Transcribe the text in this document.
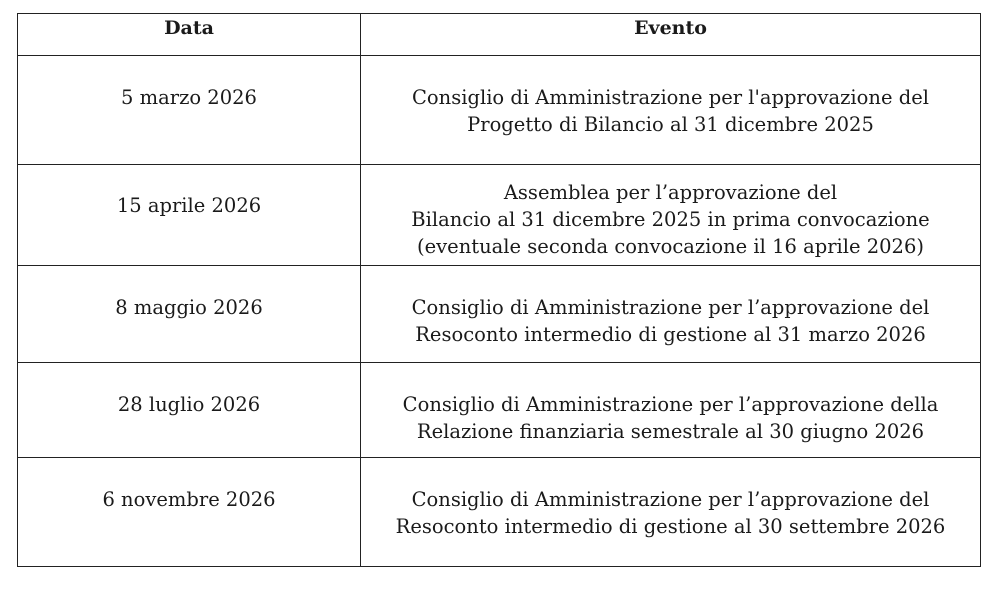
Data	Evento
5 marzo 2026	Consiglio di Amministrazione per l'approvazione del
Progetto di Bilancio al 31 dicembre 2025

15 aprile 2026	Assemblea per l’approvazione del
Bilancio al 31 dicembre 2025 in prima convocazione
(eventuale seconda convocazione il 16 aprile 2026)

8 maggio 2026	Consiglio di Amministrazione per l’approvazione del
Resoconto intermedio di gestione al 31 marzo 2026

28 luglio 2026	Consiglio di Amministrazione per l’approvazione della
Relazione finanziaria semestrale al 30 giugno 2026

6 novembre 2026	Consiglio di Amministrazione per l’approvazione del
Resoconto intermedio di gestione al 30 settembre 2026
